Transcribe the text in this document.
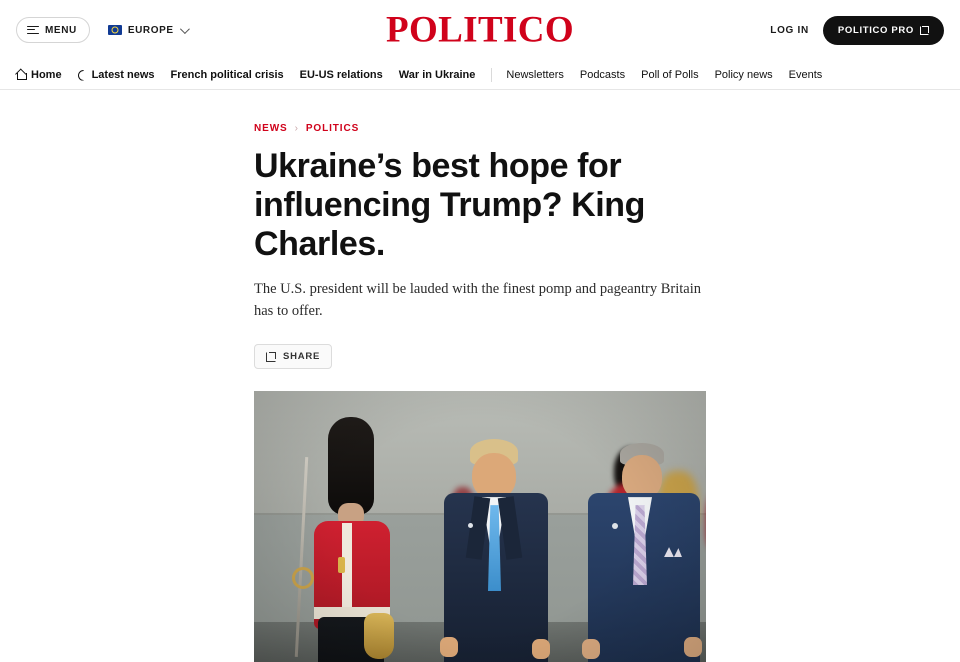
MENU	EUROPE	POLITICO	LOG IN	POLITICO PRO
Home	Latest news French political crisis EU-US relations War in Ukraine	Newsletters Podcasts Poll of Polls Policy news Events
NEWS › POLITICS
Ukraine’s best hope for influencing Trump? King Charles.

The U.S. president will be lauded with the finest pomp and pageantry Britain has to offer.

SHARE
